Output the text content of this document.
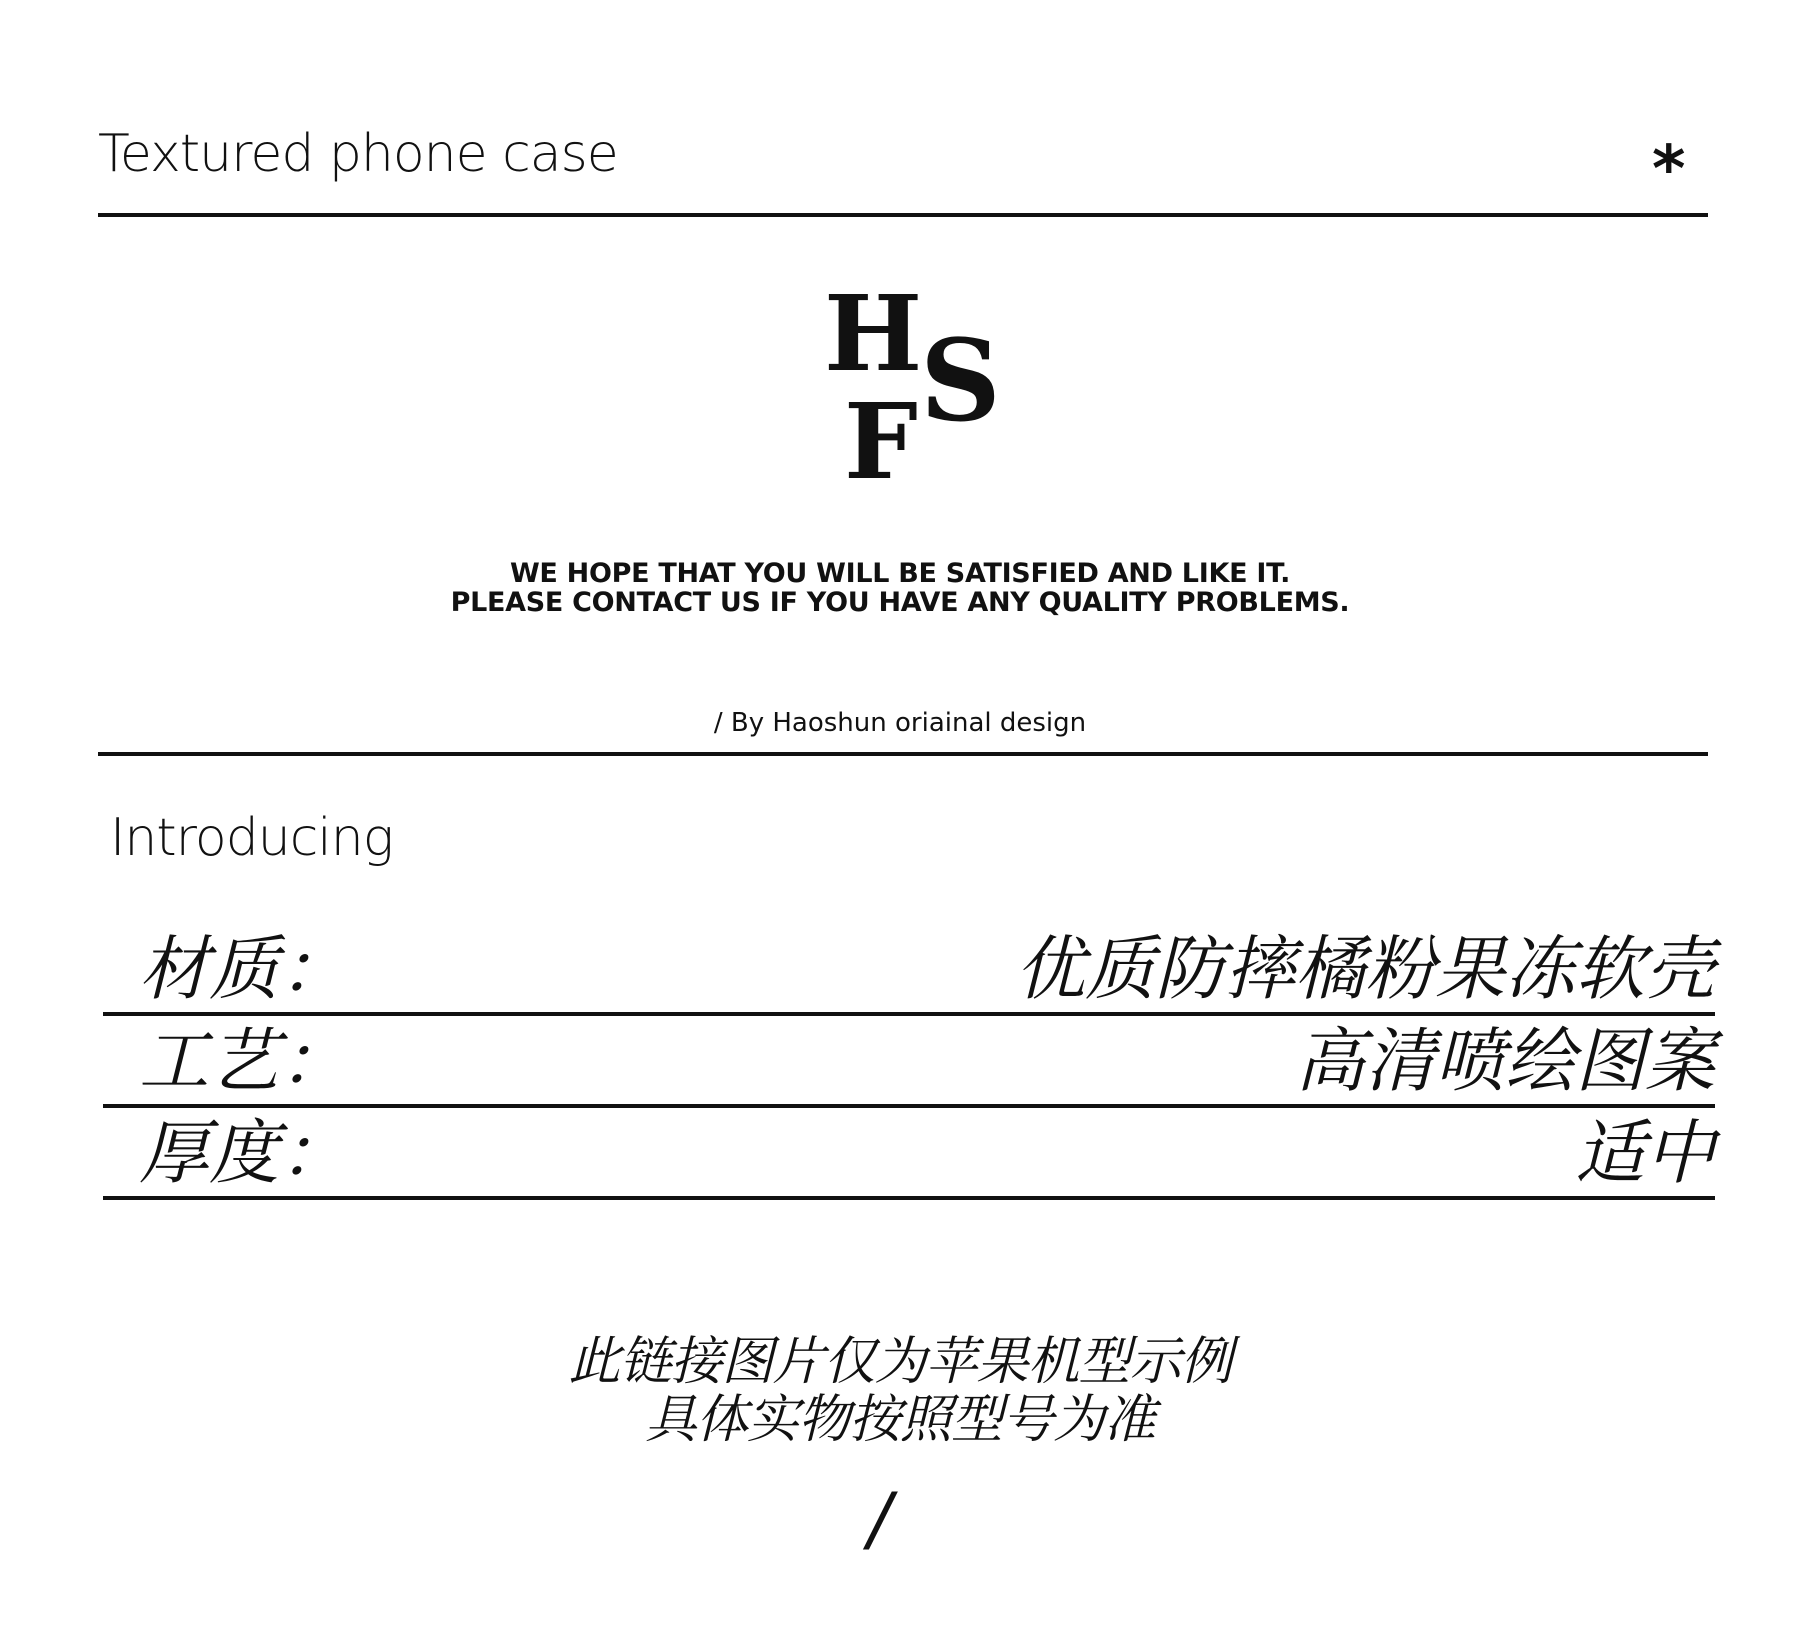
Textured phone case	*
H
S
F
WE HOPE THAT YOU WILL BE SATISFIED AND LIKE IT.
PLEASE CONTACT US IF YOU HAVE ANY QUALITY PROBLEMS.
/ By Haoshun oriainal design
Introducing
材质：	优质防摔橘粉果冻软壳
工艺：	高清喷绘图案
厚度：	适中
此链接图片仅为苹果机型示例
具体实物按照型号为准
/
